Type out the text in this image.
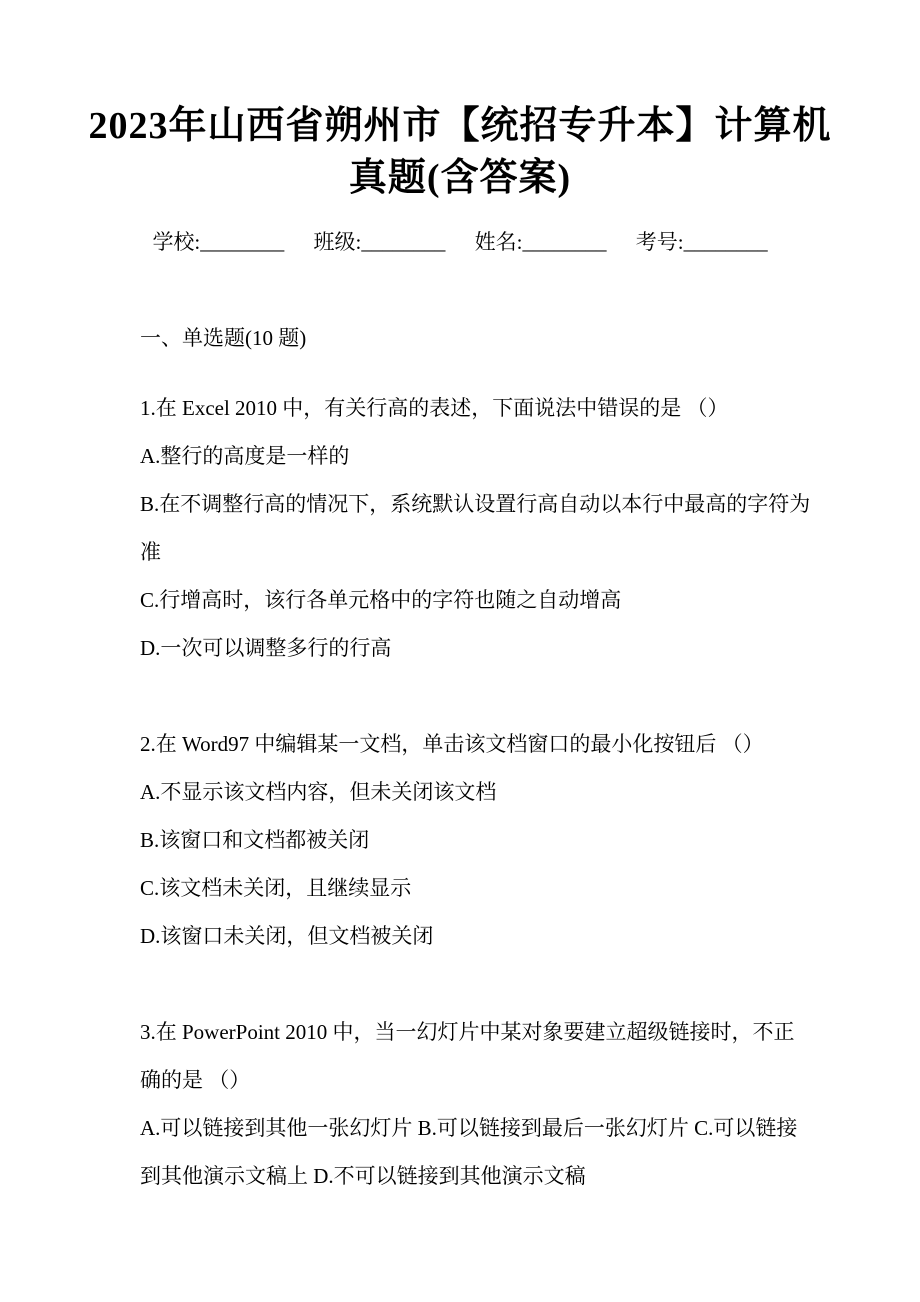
2023年山西省朔州市【统招专升本】计算机真题(含答案)
学校:________ 班级:________ 姓名:________ 考号:________

一、单选题(10 题)

1.在 Excel 2010 中，有关行高的表述，下面说法中错误的是 （）

A.整行的高度是一样的

B.在不调整行高的情况下，系统默认设置行高自动以本行中最高的字符为准

C.行增高时，该行各单元格中的字符也随之自动增高

D.一次可以调整多行的行高

2.在 Word97 中编辑某一文档，单击该文档窗口的最小化按钮后 （）

A.不显示该文档内容，但未关闭该文档

B.该窗口和文档都被关闭

C.该文档未关闭，且继续显示

D.该窗口未关闭，但文档被关闭

3.在 PowerPoint 2010 中，当一幻灯片中某对象要建立超级链接时，不正确的是 （）

A.可以链接到其他一张幻灯片 B.可以链接到最后一张幻灯片 C.可以链接到其他演示文稿上 D.不可以链接到其他演示文稿
